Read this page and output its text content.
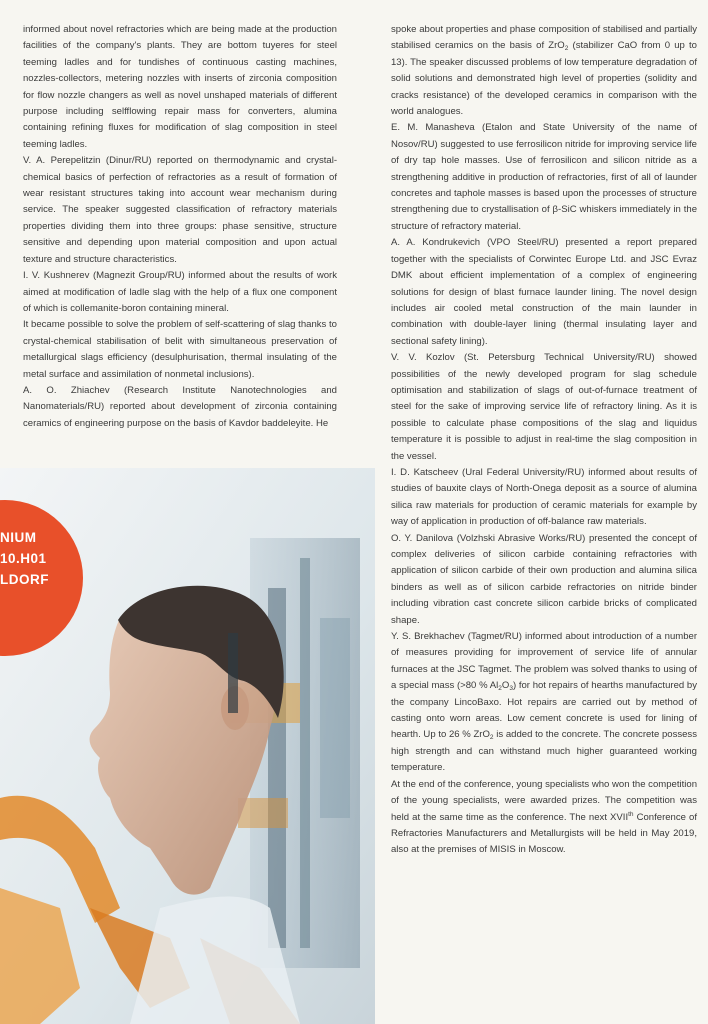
informed about novel refractories which are being made at the production facilities of the company's plants. They are bottom tuyeres for steel teeming ladles and for tundishes of continuous casting machines, nozzles-collectors, metering nozzles with inserts of zirconia composition for flow nozzle changers as well as novel unshaped materials of different purpose including selfflowing repair mass for converters, alumina containing refining fluxes for modification of slag composition in steel teeming ladles.

V. A. Perepelitzin (Dinur/RU) reported on thermodynamic and crystal-chemical basics of perfection of refractories as a result of formation of wear resistant structures taking into account wear mechanism during service. The speaker suggested classification of refractory materials properties dividing them into three groups: phase sensitive, structure sensitive and depending upon material composition and upon actual texture and structure characteristics.

I. V. Kushnerev (Magnezit Group/RU) informed about the results of work aimed at modification of ladle slag with the help of a flux one component of which is collemanite-boron containing mineral.

It became possible to solve the problem of self-scattering of slag thanks to crystal-chemical stabilisation of belit with simultaneous preservation of metallurgical slags efficiency (desulphurisation, thermal insulating of the metal surface and assimilation of nonmetal inclusions).

A. O. Zhiachev (Research Institute Nanotechnologies and Nanomaterials/RU) reported about development of zirconia containing ceramics of engineering purpose on the basis of Kavdor baddeleyite. He

spoke about properties and phase composition of stabilised and partially stabilised ceramics on the basis of ZrO$_2$ (stabilizer CaO from 0 up to 13). The speaker discussed problems of low temperature degradation of solid solutions and demonstrated high level of properties (solidity and cracks resistance) of the developed ceramics in comparison with the world analogues.

E. M. Manasheva (Etalon and State University of the name of Nosov/RU) suggested to use ferrosilicon nitride for improving service life of dry tap hole masses. Use of ferrosilicon and silicon nitride as a strengthening additive in production of refractories, first of all of launder concretes and taphole masses is based upon the processes of structure strengthening due to crystallisation of β-SiC whiskers immediately in the structure of refractory material.

A. A. Kondrukevich (VPO Steel/RU) presented a report prepared together with the specialists of Corwintec Europe Ltd. and JSC Evraz DMK about efficient implementation of a complex of engineering solutions for design of blast furnace launder lining. The novel design includes air cooled metal construction of the main launder in combination with double-layer lining (thermal insulating layer and sectional safety lining).

V. V. Kozlov (St. Petersburg Technical University/RU) showed possibilities of the newly developed program for slag schedule optimisation and stabilization of slags of out-of-furnace treatment of steel for the sake of improving service life of refractory lining. As it is possible to calculate phase compositions of the slag and liquidus temperature it is possible to adjust in real-time the slag composition in the vessel.

I. D. Katscheev (Ural Federal University/RU) informed about results of studies of bauxite clays of North-Onega deposit as a source of alumina silica raw materials for production of ceramic materials for example by way of application in production of off-balance raw materials.

O. Y. Danilova (Volzhski Abrasive Works/RU) presented the concept of complex deliveries of silicon carbide containing refractories with application of silicon carbide of their own production and alumina silica binders as well as of silicon carbide refractories on nitride binder including vibration cast concrete silicon carbide bricks of complicated shape.

Y. S. Brekhachev (Tagmet/RU) informed about introduction of a number of measures providing for improvement of service life of annular furnaces at the JSC Tagmet. The problem was solved thanks to using of a special mass (>80 % $Al_2O_3$) for hot repairs of hearths manufactured by the company LincoBaxo. Hot repairs are carried out by method of casting onto worn areas. Low cement concrete is used for lining of hearth. Up to 26 % ZrO$_2$ is added to the concrete. The concrete possess high strength and can withstand much higher guaranteed working temperature.

At the end of the conference, young specialists who won the competition of the young specialists, were awarded prizes. The competition was held at the same time as the conference. The next XVIIth Conference of Refractories Manufacturers and Metallurgists will be held in May 2019, also at the premises of MISIS in Moscow.

NIUM
10.H01
LDORF
